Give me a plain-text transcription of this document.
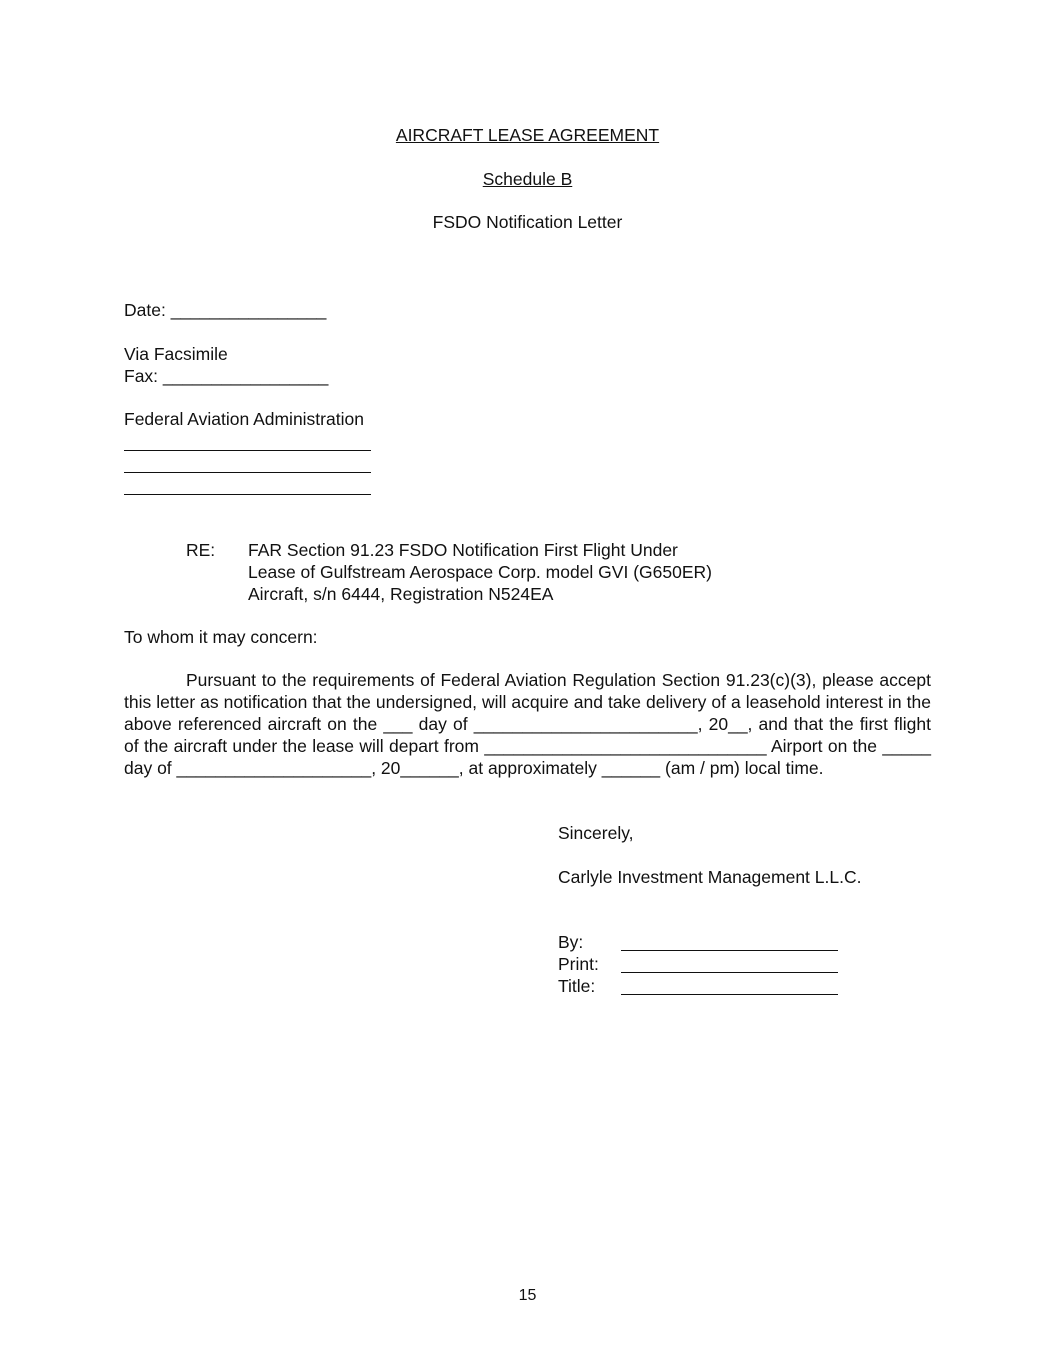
AIRCRAFT LEASE AGREEMENT
Schedule B
FSDO Notification Letter
Date: ________________
Via Facsimile
Fax: _________________
Federal Aviation Administration
RE: FAR Section 91.23 FSDO Notification First Flight Under
Lease of Gulfstream Aerospace Corp. model GVI (G650ER)
Aircraft, s/n 6444, Registration N524EA
To whom it may concern:
Pursuant to the requirements of Federal Aviation Regulation Section 91.23(c)(3), please accept this letter as notification that the undersigned, will acquire and take delivery of a leasehold interest in the above referenced aircraft on the ___ day of _______________________, 20__, and that the first flight of the aircraft under the lease will depart from _____________________________ Airport on the _____ day of ____________________, 20______, at approximately ______ (am / pm) local time.
Sincerely,
Carlyle Investment Management L.L.C.
By:
Print:
Title:
15
